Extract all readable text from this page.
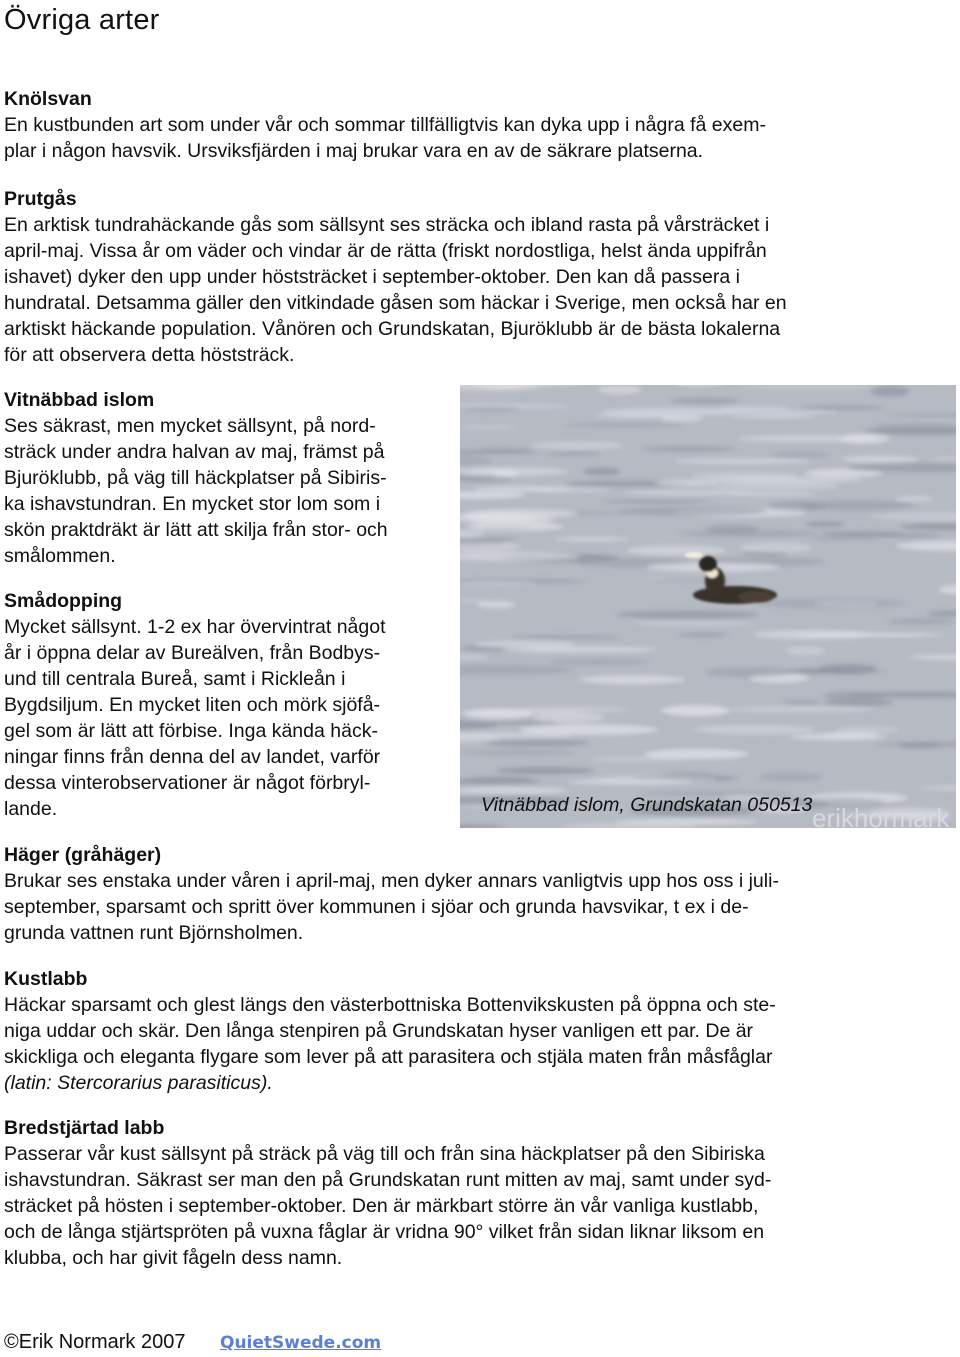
Övriga arter

Knölsvan

En kustbunden art som under vår och sommar tillfälligtvis kan dyka upp i några få exem-

plar i någon havsvik. Ursviksfjärden i maj brukar vara en av de säkrare platserna.

Prutgås

En arktisk tundrahäckande gås som sällsynt ses sträcka och ibland rasta på vårsträcket i

april-maj. Vissa år om väder och vindar är de rätta (friskt nordostliga, helst ända uppifrån

ishavet) dyker den upp under höststräcket i september-oktober. Den kan då passera i

hundratal. Detsamma gäller den vitkindade gåsen som häckar i Sverige, men också har en

arktiskt häckande population. Vånören och Grundskatan, Bjuröklubb är de bästa lokalerna

för att observera detta höststräck.

Vitnäbbad islom

Ses säkrast, men mycket sällsynt, på nord-

sträck under andra halvan av maj, främst på

Bjuröklubb, på väg till häckplatser på Sibiris-

ka ishavstundran. En mycket stor lom som i

skön praktdräkt är lätt att skilja från stor- och

smålommen.

Smådopping

Mycket sällsynt. 1-2 ex har övervintrat något

år i öppna delar av Bureälven, från Bodbys-

und till centrala Bureå, samt i Rickleån i

Bygdsiljum. En mycket liten och mörk sjöfå-

gel som är lätt att förbise. Inga kända häck-

ningar finns från denna del av landet, varför

dessa vinterobservationer är något förbryl-

lande.

Häger (gråhäger)

Brukar ses enstaka under våren i april-maj, men dyker annars vanligtvis upp hos oss i juli-

september, sparsamt och spritt över kommunen i sjöar och grunda havsvikar, t ex i de-

grunda vattnen runt Björnsholmen.

Kustlabb

Häckar sparsamt och glest längs den västerbottniska Bottenvikskusten på öppna och ste-

niga uddar och skär. Den långa stenpiren på Grundskatan hyser vanligen ett par. De är

skickliga och eleganta flygare som lever på att parasitera och stjäla maten från måsfåglar

(latin: Stercorarius parasiticus).

Bredstjärtad labb

Passerar vår kust sällsynt på sträck på väg till och från sina häckplatser på den Sibiriska

ishavstundran. Säkrast ser man den på Grundskatan runt mitten av maj, samt under syd-

sträcket på hösten i september-oktober. Den är märkbart större än vår vanliga kustlabb,

och de långa stjärtspröten på vuxna fåglar är vridna 90° vilket från sidan liknar liksom en

klubba, och har givit fågeln dess namn.

erikhormark
Vitnäbbad islom, Grundskatan 050513
©Erik Normark 2007 QuietSwede.com
